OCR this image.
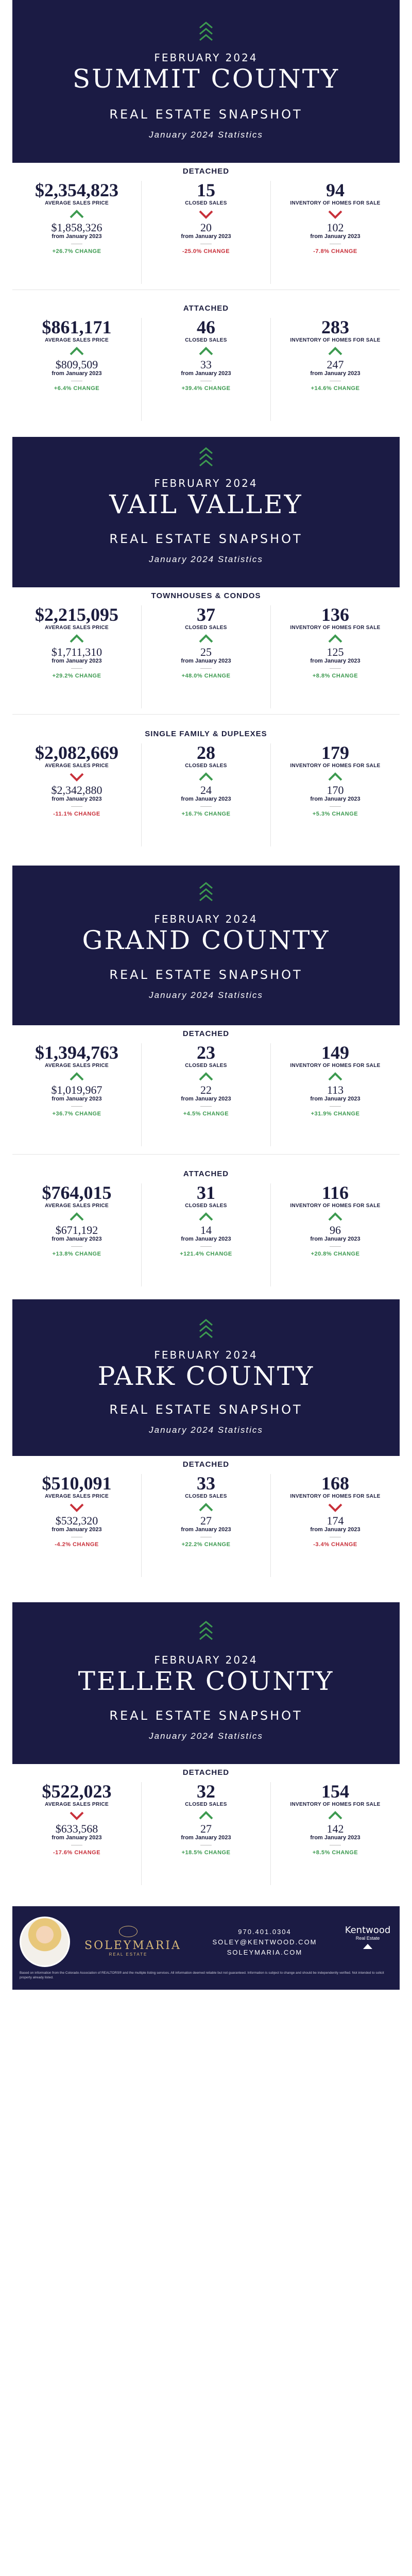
FEBRUARY 2024
SUMMIT COUNTY
REAL ESTATE SNAPSHOT
January 2024 Statistics
DETACHED
$2,354,823
AVERAGE SALES PRICE
$1,858,326
from January 2023
+26.7% CHANGE
15
CLOSED SALES
20
from January 2023
-25.0% CHANGE
94
INVENTORY OF HOMES FOR SALE
102
from January 2023
-7.8% CHANGE
ATTACHED
$861,171
AVERAGE SALES PRICE
$809,509
from January 2023
+6.4% CHANGE
46
CLOSED SALES
33
from January 2023
+39.4% CHANGE
283
INVENTORY OF HOMES FOR SALE
247
from January 2023
+14.6% CHANGE
FEBRUARY 2024
VAIL VALLEY
REAL ESTATE SNAPSHOT
January 2024 Statistics
TOWNHOUSES & CONDOS
$2,215,095
AVERAGE SALES PRICE
$1,711,310
from January 2023
+29.2% CHANGE
37
CLOSED SALES
25
from January 2023
+48.0% CHANGE
136
INVENTORY OF HOMES FOR SALE
125
from January 2023
+8.8% CHANGE
SINGLE FAMILY & DUPLEXES
$2,082,669
AVERAGE SALES PRICE
$2,342,880
from January 2023
-11.1% CHANGE
28
CLOSED SALES
24
from January 2023
+16.7% CHANGE
179
INVENTORY OF HOMES FOR SALE
170
from January 2023
+5.3% CHANGE
FEBRUARY 2024
GRAND COUNTY
REAL ESTATE SNAPSHOT
January 2024 Statistics
DETACHED
$1,394,763
AVERAGE SALES PRICE
$1,019,967
from January 2023
+36.7% CHANGE
23
CLOSED SALES
22
from January 2023
+4.5% CHANGE
149
INVENTORY OF HOMES FOR SALE
113
from January 2023
+31.9% CHANGE
ATTACHED
$764,015
AVERAGE SALES PRICE
$671,192
from January 2023
+13.8% CHANGE
31
CLOSED SALES
14
from January 2023
+121.4% CHANGE
116
INVENTORY OF HOMES FOR SALE
96
from January 2023
+20.8% CHANGE
FEBRUARY 2024
PARK COUNTY
REAL ESTATE SNAPSHOT
January 2024 Statistics
DETACHED
$510,091
AVERAGE SALES PRICE
$532,320
from January 2023
-4.2% CHANGE
33
CLOSED SALES
27
from January 2023
+22.2% CHANGE
168
INVENTORY OF HOMES FOR SALE
174
from January 2023
-3.4% CHANGE
FEBRUARY 2024
TELLER COUNTY
REAL ESTATE SNAPSHOT
January 2024 Statistics
DETACHED
$522,023
AVERAGE SALES PRICE
$633,568
from January 2023
-17.6% CHANGE
32
CLOSED SALES
27
from January 2023
+18.5% CHANGE
154
INVENTORY OF HOMES FOR SALE
142
from January 2023
+8.5% CHANGE
SOLEYMARIA
REAL ESTATE
970.401.0304
SOLEY@KENTWOOD.COM
SOLEYMARIA.COM
Kentwood
Real Estate
Based on information from the Colorado Association of REALTORS® and the multiple listing services. All information deemed reliable but not guaranteed. Information is subject to change and should be independently verified. Not intended to solicit property already listed.
